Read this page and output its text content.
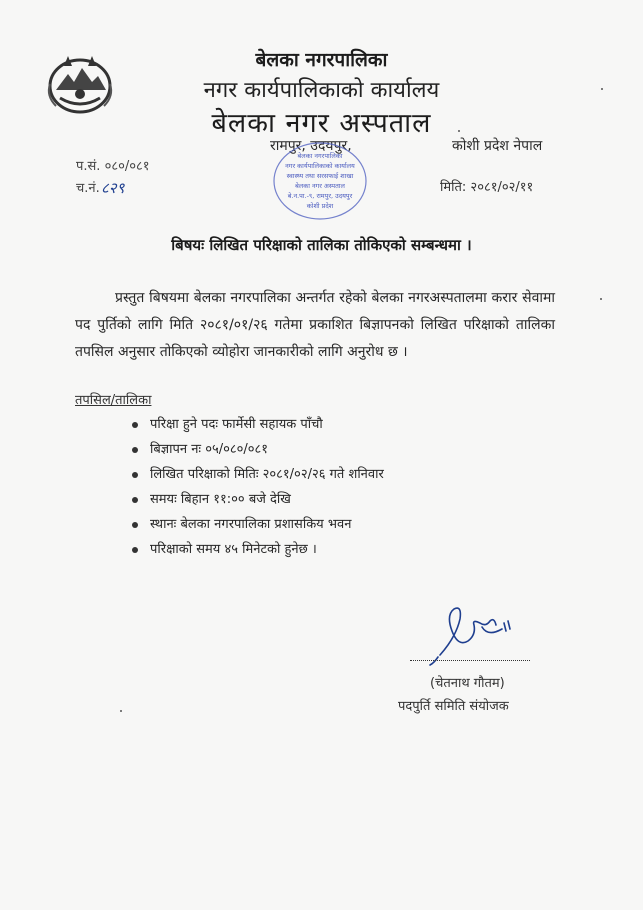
बेलका नगरपालिका
नगर कार्यपालिकाको कार्यालय
बेलका नगर अस्पताल
रामपुर, उदयपुर,	कोशी प्रदेश नेपाल
प.सं. ०८०/०८१
च.नं. ८२९	मिति: २०८१/०२/११
बेलका नगरपालिका
नगर कार्यपालिकाको कार्यालय
स्वास्थ्य तथा सरसफाई शाखा
बेलका नगर अस्पताल
बे.न.पा.-९, रामपुर, उदयपुर
कोशी प्रदेश
बिषयः लिखित परिक्षाको तालिका तोकिएको सम्बन्धमा ।
प्रस्तुत बिषयमा बेलका नगरपालिका अन्तर्गत रहेको बेलका नगरअस्पतालमा करार सेवामा पद पुर्तिको लागि मिति २०८१/०१/२६ गतेमा प्रकाशित बिज्ञापनको लिखित परिक्षाको तालिका तपसिल अनुसार तोकिएको व्योहोरा जानकारीको लागि अनुरोध छ ।
तपसिल/तालिका
परिक्षा हुने पदः फार्मेसी सहायक पाँचौ
बिज्ञापन नः ०५/०८०/०८१
लिखित परिक्षाको मितिः २०८१/०२/२६ गते शनिवार
समयः बिहान ११:०० बजे देखि
स्थानः बेलका नगरपालिका प्रशासकिय भवन
परिक्षाको समय ४५ मिनेटको हुनेछ ।
(चेतनाथ गौतम)
पदपुर्ति समिति संयोजक
